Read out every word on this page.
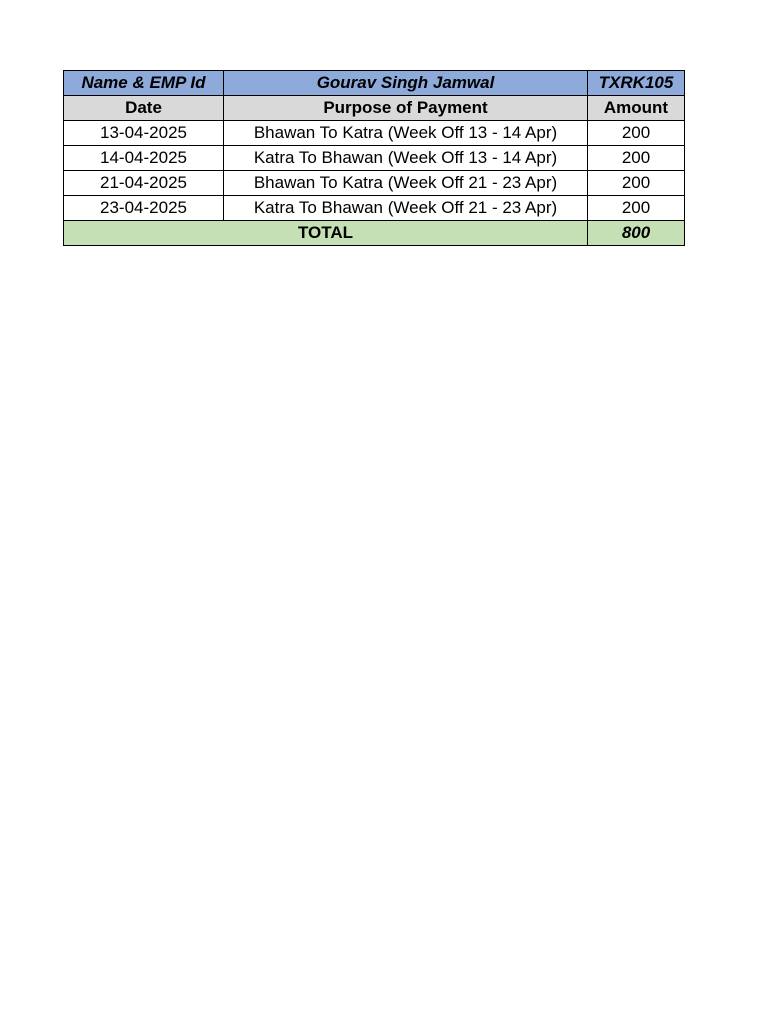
Name & EMP Id	Gourav Singh Jamwal	TXRK105
Date	Purpose of Payment	Amount
13-04-2025	Bhawan To Katra (Week Off 13 - 14 Apr)	200
14-04-2025	Katra To Bhawan (Week Off 13 - 14 Apr)	200
21-04-2025	Bhawan To Katra (Week Off 21 - 23 Apr)	200
23-04-2025	Katra To Bhawan (Week Off 21 - 23 Apr)	200
TOTAL		800
